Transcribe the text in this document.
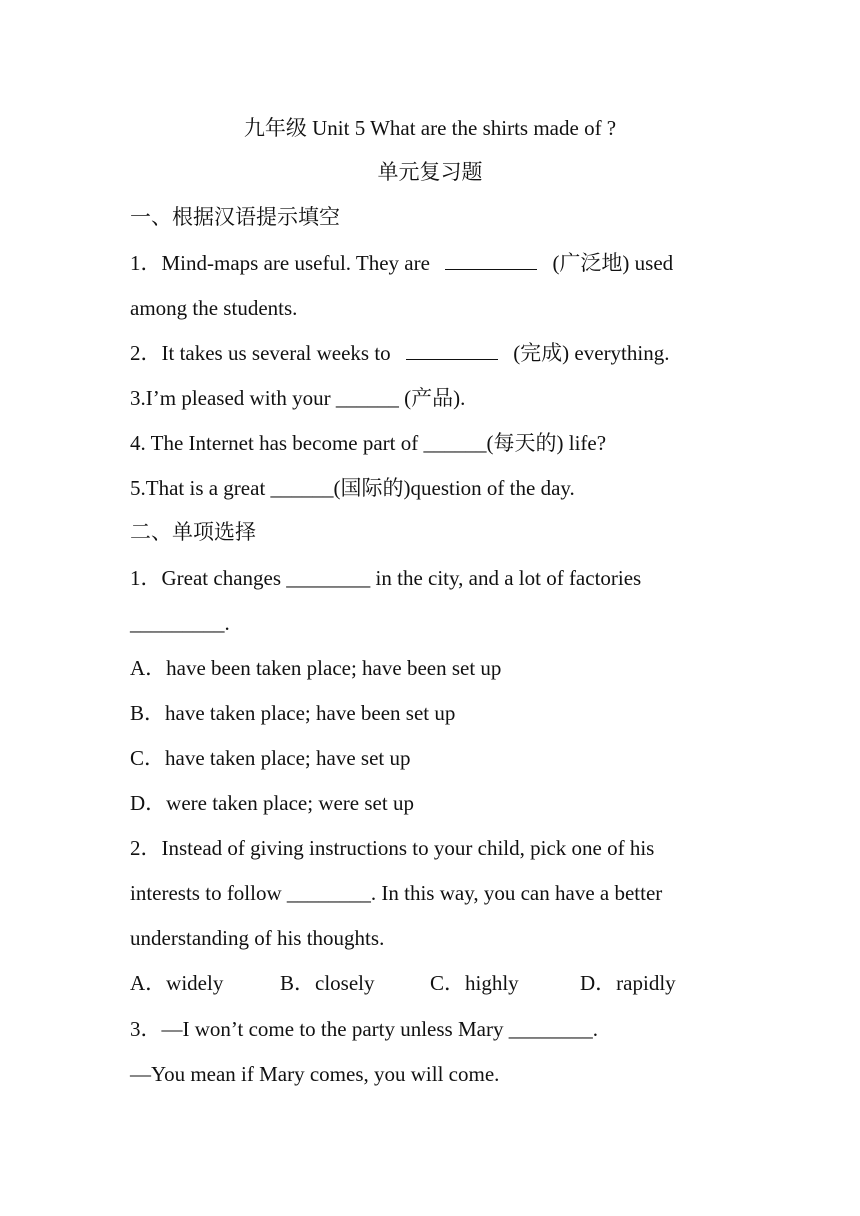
九年级 Unit 5 What are the shirts made of ?
单元复习题
一、根据汉语提示填空
1．Mind-maps are useful. They are	(广泛地) used
among the students.
2．It takes us several weeks to	(完成) everything.
3.I’m pleased with your ______ (产品).
4. The Internet has become part of ______(每天的) life?
5.That is a great ______(国际的)question of the day.
二、单项选择
1．Great changes ________ in the city, and a lot of factories
_________.
A．have been taken place; have been set up
B．have taken place; have been set up
C．have taken place; have set up
D．were taken place; were set up
2．Instead of giving instructions to your child, pick one of his
interests to follow ________. In this way, you can have a better
understanding of his thoughts.
A．widely	B．closely	C．highly	D．rapidly
3．—I won’t come to the party unless Mary ________.
—You mean if Mary comes, you will come.
